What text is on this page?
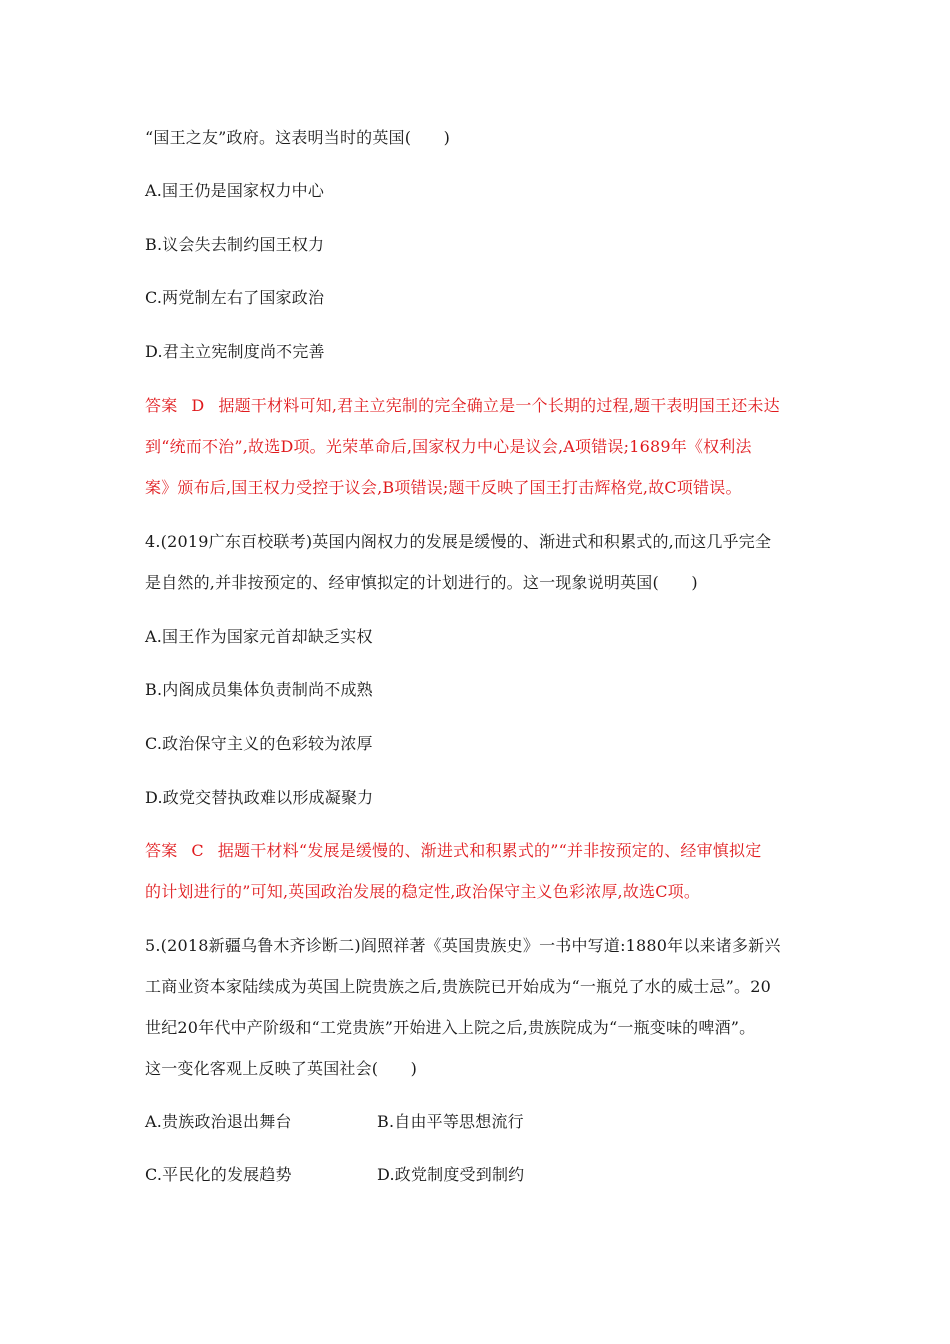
“国王之友”政府。这表明当时的英国(　　)
A.国王仍是国家权力中心
B.议会失去制约国王权力
C.两党制左右了国家政治
D.君主立宪制度尚不完善
答案 D 据题干材料可知,君主立宪制的完全确立是一个长期的过程,题干表明国王还未达
到“统而不治”,故选D项。光荣革命后,国家权力中心是议会,A项错误;1689年《权利法
案》颁布后,国王权力受控于议会,B项错误;题干反映了国王打击辉格党,故C项错误。
4.(2019广东百校联考)英国内阁权力的发展是缓慢的、渐进式和积累式的,而这几乎完全
是自然的,并非按预定的、经审慎拟定的计划进行的。这一现象说明英国(　　)
A.国王作为国家元首却缺乏实权
B.内阁成员集体负责制尚不成熟
C.政治保守主义的色彩较为浓厚
D.政党交替执政难以形成凝聚力
答案 C 据题干材料“发展是缓慢的、渐进式和积累式的”“并非按预定的、经审慎拟定
的计划进行的”可知,英国政治发展的稳定性,政治保守主义色彩浓厚,故选C项。
5.(2018新疆乌鲁木齐诊断二)阎照祥著《英国贵族史》一书中写道:1880年以来诸多新兴
工商业资本家陆续成为英国上院贵族之后,贵族院已开始成为“一瓶兑了水的威士忌”。20
世纪20年代中产阶级和“工党贵族”开始进入上院之后,贵族院成为“一瓶变味的啤酒”。
这一变化客观上反映了英国社会(　　)
A.贵族政治退出舞台	B.自由平等思想流行
C.平民化的发展趋势	D.政党制度受到制约
